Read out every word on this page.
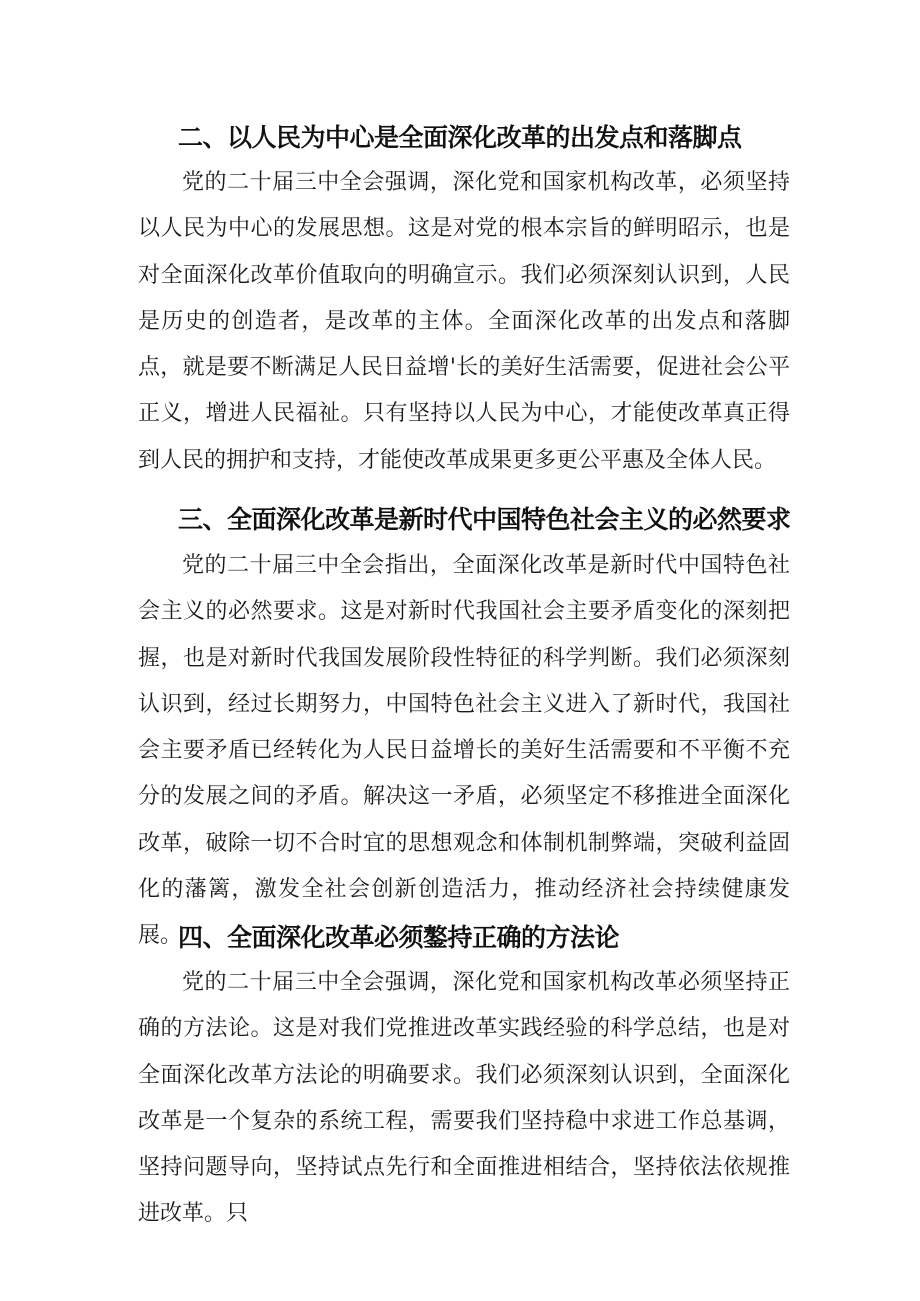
二、以人民为中心是全面深化改革的出发点和落脚点

党的二十届三中全会强调，深化党和国家机构改革，必须坚持以人民为中心的发展思想。这是对党的根本宗旨的鲜明昭示，也是对全面深化改革价值取向的明确宣示。我们必须深刻认识到，人民是历史的创造者，是改革的主体。全面深化改革的出发点和落脚点，就是要不断满足人民日益增'长的美好生活需要，促进社会公平正义，增进人民福祉。只有坚持以人民为中心，才能使改革真正得到人民的拥护和支持，才能使改革成果更多更公平惠及全体人民。

三、全面深化改革是新时代中国特色社会主义的必然要求

党的二十届三中全会指出，全面深化改革是新时代中国特色社会主义的必然要求。这是对新时代我国社会主要矛盾变化的深刻把握，也是对新时代我国发展阶段性特征的科学判断。我们必须深刻认识到，经过长期努力，中国特色社会主义进入了新时代，我国社会主要矛盾已经转化为人民日益增长的美好生活需要和不平衡不充分的发展之间的矛盾。解决这一矛盾，必须坚定不移推进全面深化改革，破除一切不合时宜的思想观念和体制机制弊端，突破利益固化的藩篱，激发全社会创新创造活力，推动经济社会持续健康发展。

四、全面深化改革必须鏊持正确的方法论

党的二十届三中全会强调，深化党和国家机构改革必须坚持正确的方法论。这是对我们党推进改革实践经验的科学总结，也是对全面深化改革方法论的明确要求。我们必须深刻认识到，全面深化改革是一个复杂的系统工程，需要我们坚持稳中求进工作总基调，坚持问题导向，坚持试点先行和全面推进相结合，坚持依法依规推进改革。只
